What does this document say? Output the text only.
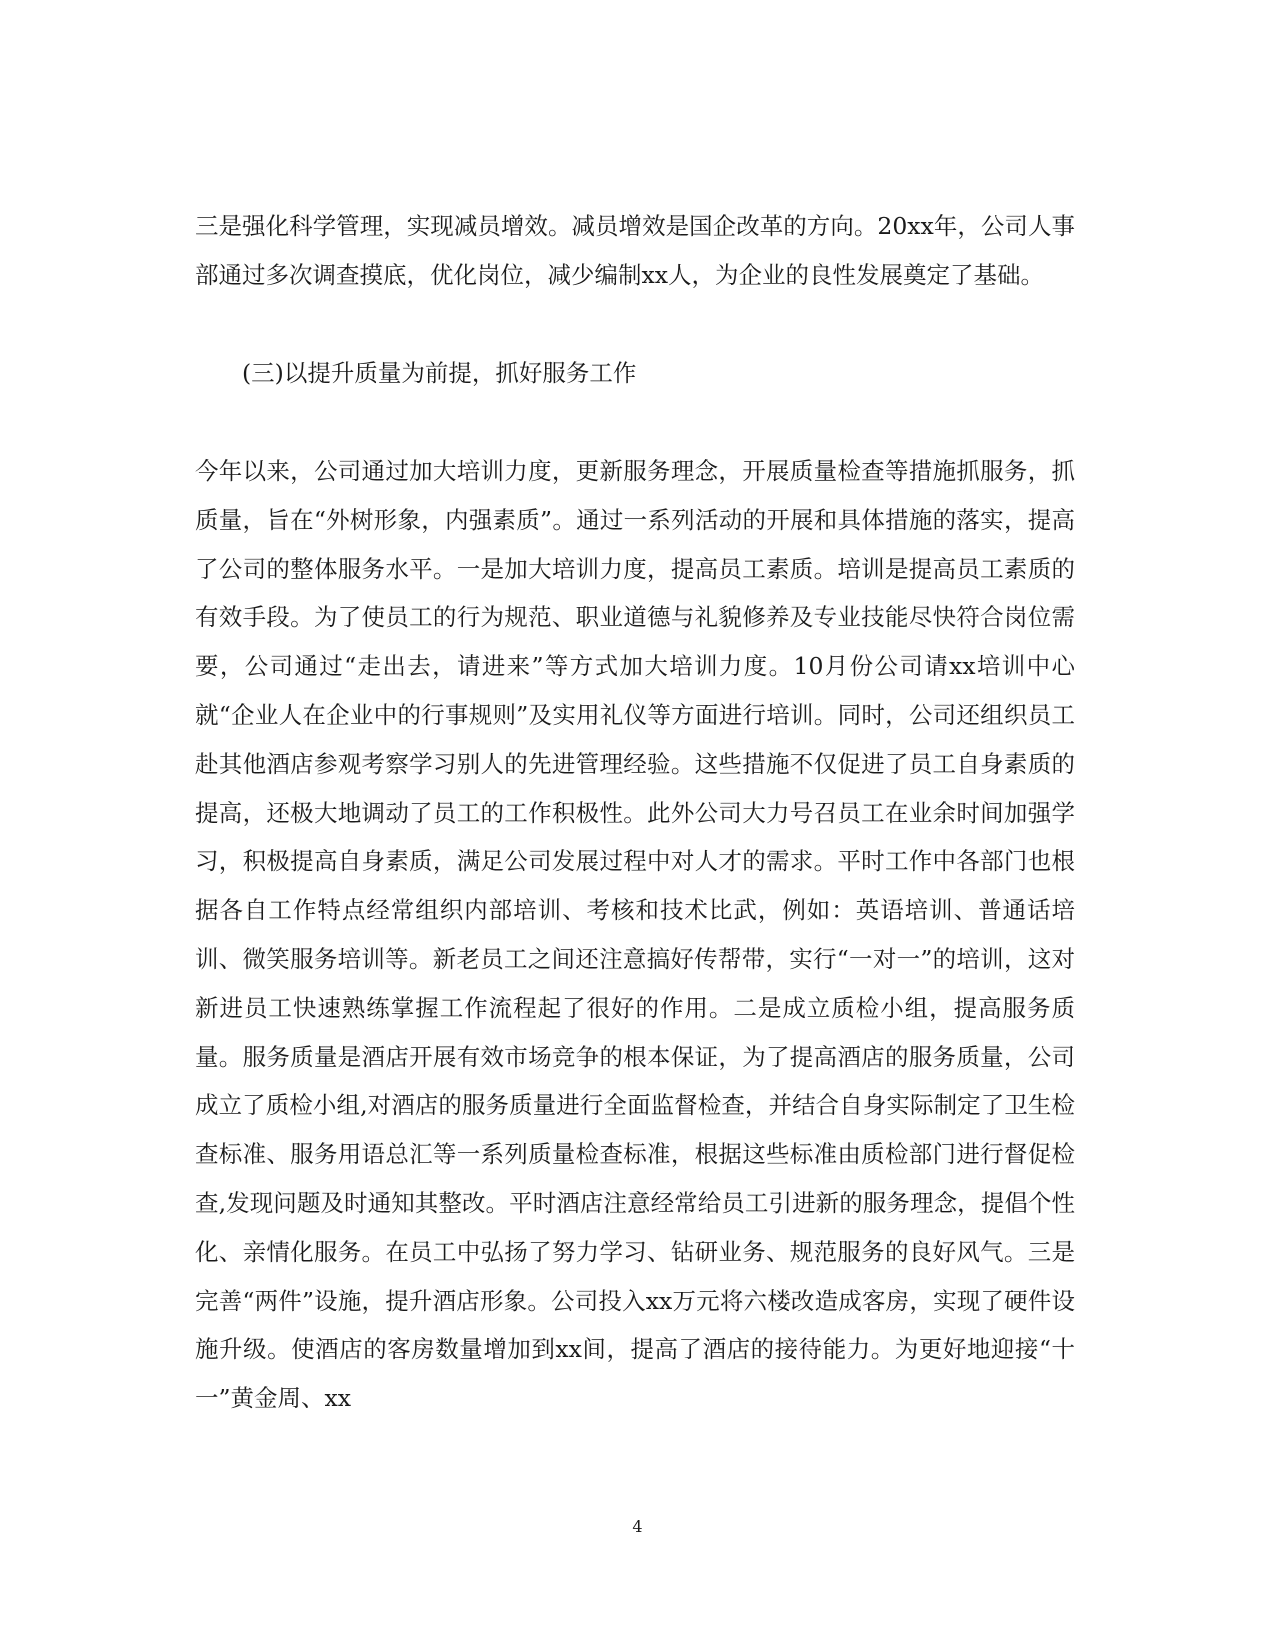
三是强化科学管理，实现减员增效。减员增效是国企改革的方向。20xx年，公司人事部通过多次调查摸底，优化岗位，减少编制xx人，为企业的良性发展奠定了基础。

(三)以提升质量为前提，抓好服务工作

今年以来，公司通过加大培训力度，更新服务理念，开展质量检查等措施抓服务，抓质量，旨在“外树形象，内强素质”。通过一系列活动的开展和具体措施的落实，提高了公司的整体服务水平。一是加大培训力度，提高员工素质。培训是提高员工素质的有效手段。为了使员工的行为规范、职业道德与礼貌修养及专业技能尽快符合岗位需要，公司通过“走出去，请进来”等方式加大培训力度。10月份公司请xx培训中心就“企业人在企业中的行事规则”及实用礼仪等方面进行培训。同时，公司还组织员工赴其他酒店参观考察学习别人的先进管理经验。这些措施不仅促进了员工自身素质的提高，还极大地调动了员工的工作积极性。此外公司大力号召员工在业余时间加强学习，积极提高自身素质，满足公司发展过程中对人才的需求。平时工作中各部门也根据各自工作特点经常组织内部培训、考核和技术比武，例如：英语培训、普通话培训、微笑服务培训等。新老员工之间还注意搞好传帮带，实行“一对一”的培训，这对新进员工快速熟练掌握工作流程起了很好的作用。二是成立质检小组，提高服务质量。服务质量是酒店开展有效市场竞争的根本保证，为了提高酒店的服务质量，公司成立了质检小组,对酒店的服务质量进行全面监督检查，并结合自身实际制定了卫生检查标准、服务用语总汇等一系列质量检查标准，根据这些标准由质检部门进行督促检查,发现问题及时通知其整改。平时酒店注意经常给员工引进新的服务理念，提倡个性化、亲情化服务。在员工中弘扬了努力学习、钻研业务、规范服务的良好风气。三是完善“两件”设施，提升酒店形象。公司投入xx万元将六楼改造成客房，实现了硬件设施升级。使酒店的客房数量增加到xx间，提高了酒店的接待能力。为更好地迎接“十一”黄金周、xx

4
